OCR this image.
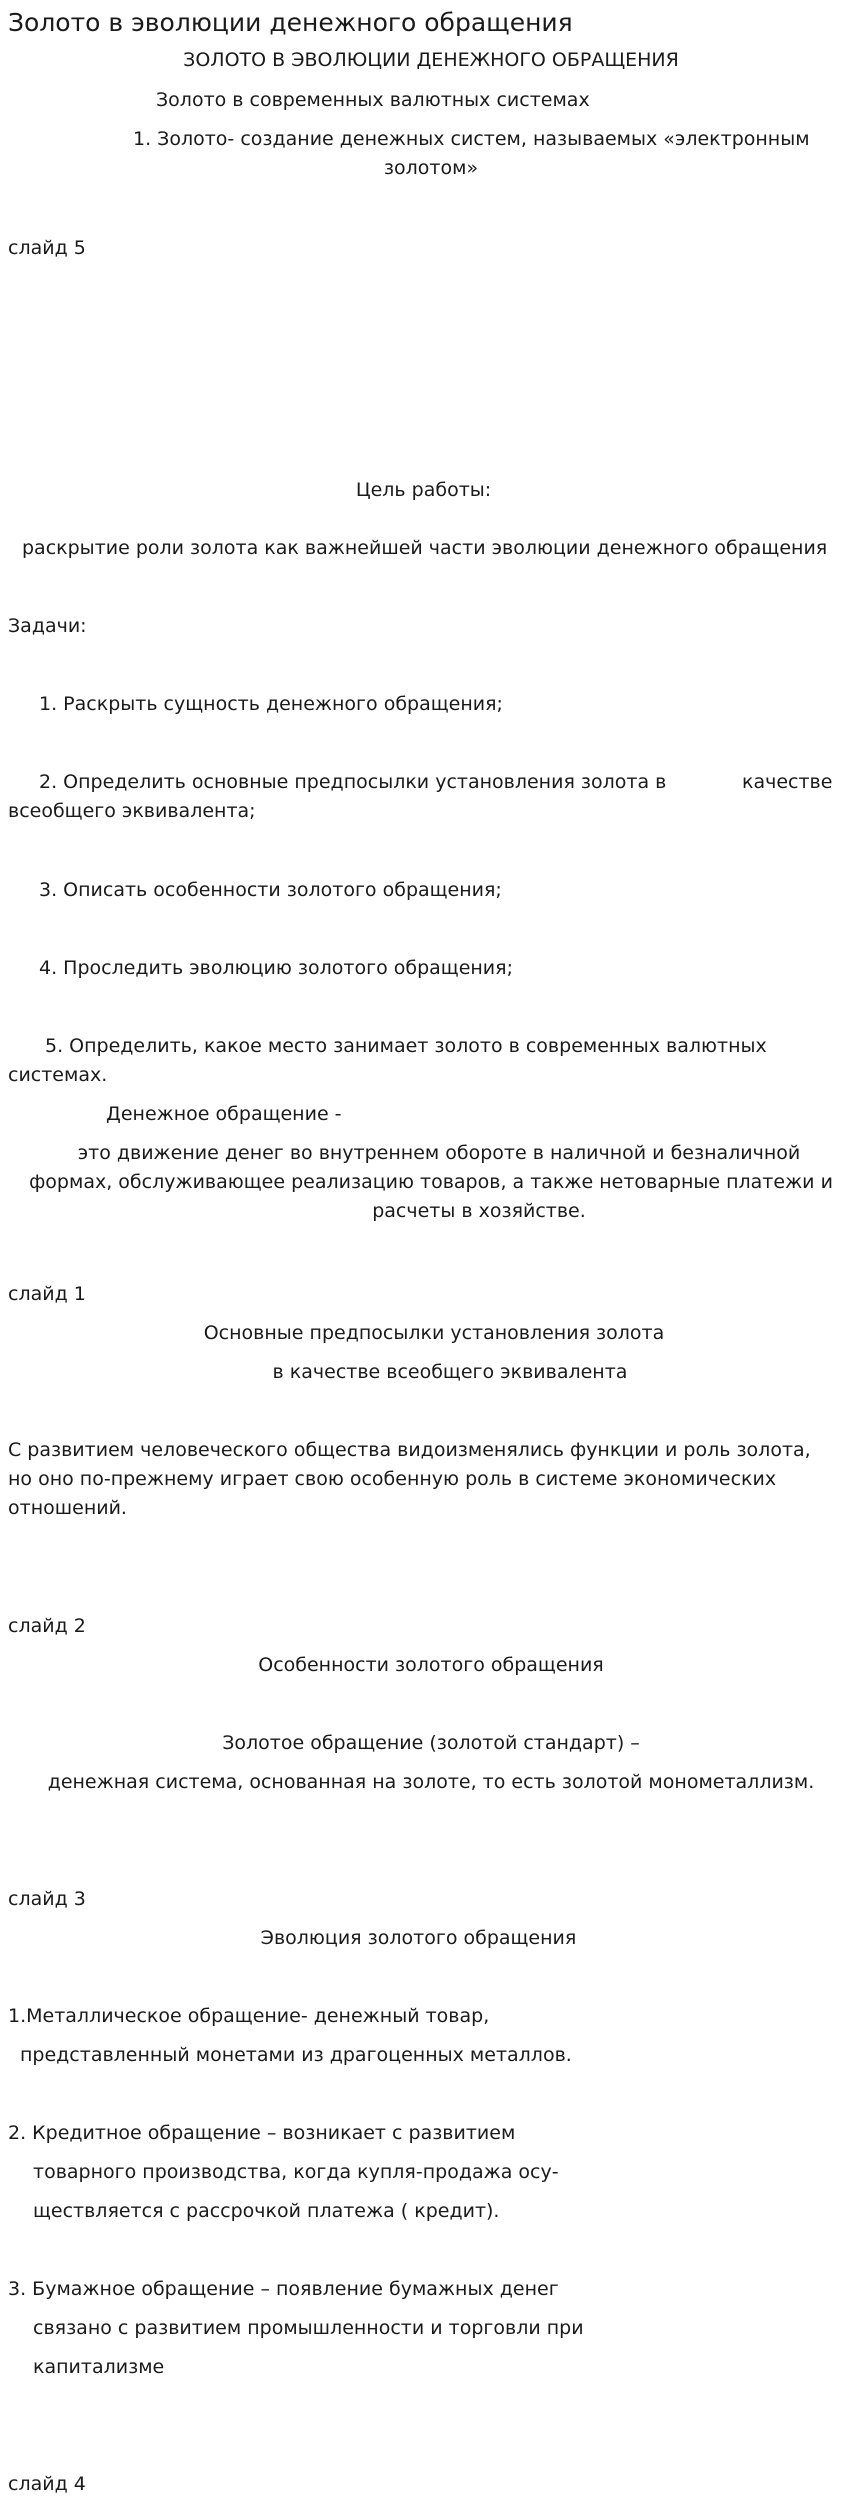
Золото в эволюции денежного обращения
ЗОЛОТО В ЭВОЛЮЦИИ ДЕНЕЖНОГО ОБРАЩЕНИЯ
Золото в современных валютных системах
1. Золото- создание денежных систем, называемых «электронным
золотом»
слайд 5
Цель работы:
раскрытие роли золота как важнейшей части эволюции денежного обращения
Задачи:
1. Раскрыть сущность денежного обращения;
2. Определить основные предпосылки установления золота в	качестве
всеобщего эквивалента;
3. Описать особенности золотого обращения;
4. Проследить эволюцию золотого обращения;
5. Определить, какое место занимает золото в современных валютных
системах.
Денежное обращение -
это движение денег во внутреннем обороте в наличной и безналичной
формах, обслуживающее реализацию товаров, а также нетоварные платежи и
расчеты в хозяйстве.
слайд 1
Основные предпосылки установления золота
в качестве всеобщего эквивалента
С развитием человеческого общества видоизменялись функции и роль золота,
но оно по-прежнему играет свою особенную роль в системе экономических
отношений.
слайд 2
Особенности золотого обращения
Золотое обращение (золотой стандарт) –
денежная система, основанная на золоте, то есть золотой монометаллизм.
слайд 3
Эволюция золотого обращения
1.Металлическое обращение- денежный товар,
представленный монетами из драгоценных металлов.
2. Кредитное обращение – возникает с развитием
товарного производства, когда купля-продажа осу-
ществляется с рассрочкой платежа ( кредит).
3. Бумажное обращение – появление бумажных денег
связано с развитием промышленности и торговли при
капитализме
слайд 4
